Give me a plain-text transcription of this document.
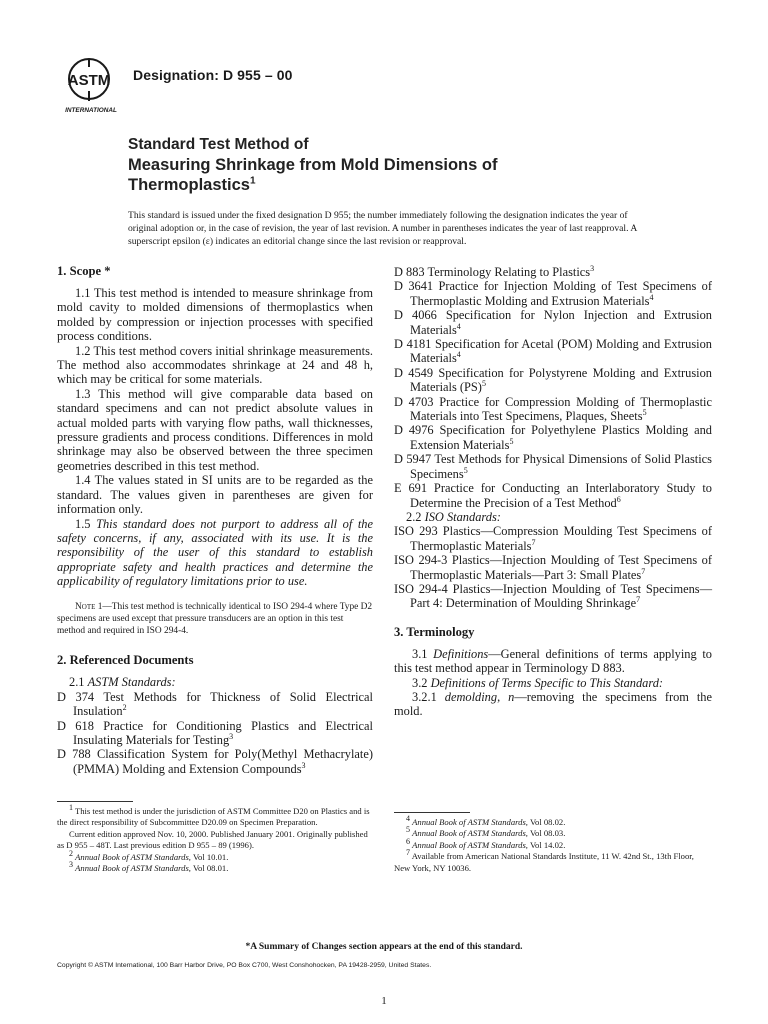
ASTM
INTERNATIONAL
Designation: D 955 – 00
Standard Test Method of
Measuring Shrinkage from Mold Dimensions of
Thermoplastics$^1$
This standard is issued under the fixed designation D 955; the number immediately following the designation indicates the year of original adoption or, in the case of revision, the year of last revision. A number in parentheses indicates the year of last reapproval. A superscript epsilon (ε) indicates an editorial change since the last revision or reapproval.
1. Scope *

1.1 This test method is intended to measure shrinkage from mold cavity to molded dimensions of thermoplastics when molded by compression or injection processes with specified process conditions.

1.2 This test method covers initial shrinkage measurements. The method also accommodates shrinkage at 24 and 48 h, which may be critical for some materials.

1.3 This method will give comparable data based on standard specimens and can not predict absolute values in actual molded parts with varying flow paths, wall thicknesses, pressure gradients and process conditions. Differences in mold shrinkage may also be observed between the three specimen geometries described in this test method.

1.4 The values stated in SI units are to be regarded as the standard. The values given in parentheses are given for information only.

1.5 This standard does not purport to address all of the safety concerns, if any, associated with its use. It is the responsibility of the user of this standard to establish appropriate safety and health practices and determine the applicability of regulatory limitations prior to use.

Note 1—This test method is technically identical to ISO 294-4 where Type D2 specimens are used except that pressure transducers are an option in this test method and required in ISO 294-4.

2. Referenced Documents

2.1 ASTM Standards:

D 374 Test Methods for Thickness of Solid Electrical Insulation$^2$

D 618 Practice for Conditioning Plastics and Electrical Insulating Materials for Testing$^3$

D 788 Classification System for Poly(Methyl Methacrylate) (PMMA) Molding and Extension Compounds$^3$

D 883 Terminology Relating to Plastics$^3$

D 3641 Practice for Injection Molding of Test Specimens of Thermoplastic Molding and Extrusion Materials$^4$

D 4066 Specification for Nylon Injection and Extrusion Materials$^4$

D 4181 Specification for Acetal (POM) Molding and Extrusion Materials$^4$

D 4549 Specification for Polystyrene Molding and Extrusion Materials (PS)$^5$

D 4703 Practice for Compression Molding of Thermoplastic Materials into Test Specimens, Plaques, Sheets$^5$

D 4976 Specification for Polyethylene Plastics Molding and Extension Materials$^5$

D 5947 Test Methods for Physical Dimensions of Solid Plastics Specimens$^5$

E 691 Practice for Conducting an Interlaboratory Study to Determine the Precision of a Test Method$^6$

2.2 ISO Standards:

ISO 293 Plastics—Compression Moulding Test Specimens of Thermoplastic Materials$^7$

ISO 294-3 Plastics—Injection Moulding of Test Specimens of Thermoplastic Materials—Part 3: Small Plates$^7$

ISO 294-4 Plastics—Injection Moulding of Test Specimens—Part 4: Determination of Moulding Shrinkage$^7$

3. Terminology

3.1 Definitions—General definitions of terms applying to this test method appear in Terminology D 883.

3.2 Definitions of Terms Specific to This Standard:

3.2.1 demolding, n—removing the specimens from the mold.

$^1$ This test method is under the jurisdiction of ASTM Committee D20 on Plastics and is the direct responsibility of Subcommittee D20.09 on Specimen Preparation.

Current edition approved Nov. 10, 2000. Published January 2001. Originally published as D 955 – 48T. Last previous edition D 955 – 89 (1996).

$^2$ Annual Book of ASTM Standards, Vol 10.01.

$^3$ Annual Book of ASTM Standards, Vol 08.01.

$^4$ Annual Book of ASTM Standards, Vol 08.02.

$^5$ Annual Book of ASTM Standards, Vol 08.03.

$^6$ Annual Book of ASTM Standards, Vol 14.02.

$^7$ Available from American National Standards Institute, 11 W. 42nd St., 13th Floor, New York, NY 10036.

*A Summary of Changes section appears at the end of this standard.
Copyright © ASTM International, 100 Barr Harbor Drive, PO Box C700, West Conshohocken, PA 19428-2959, United States.
1
